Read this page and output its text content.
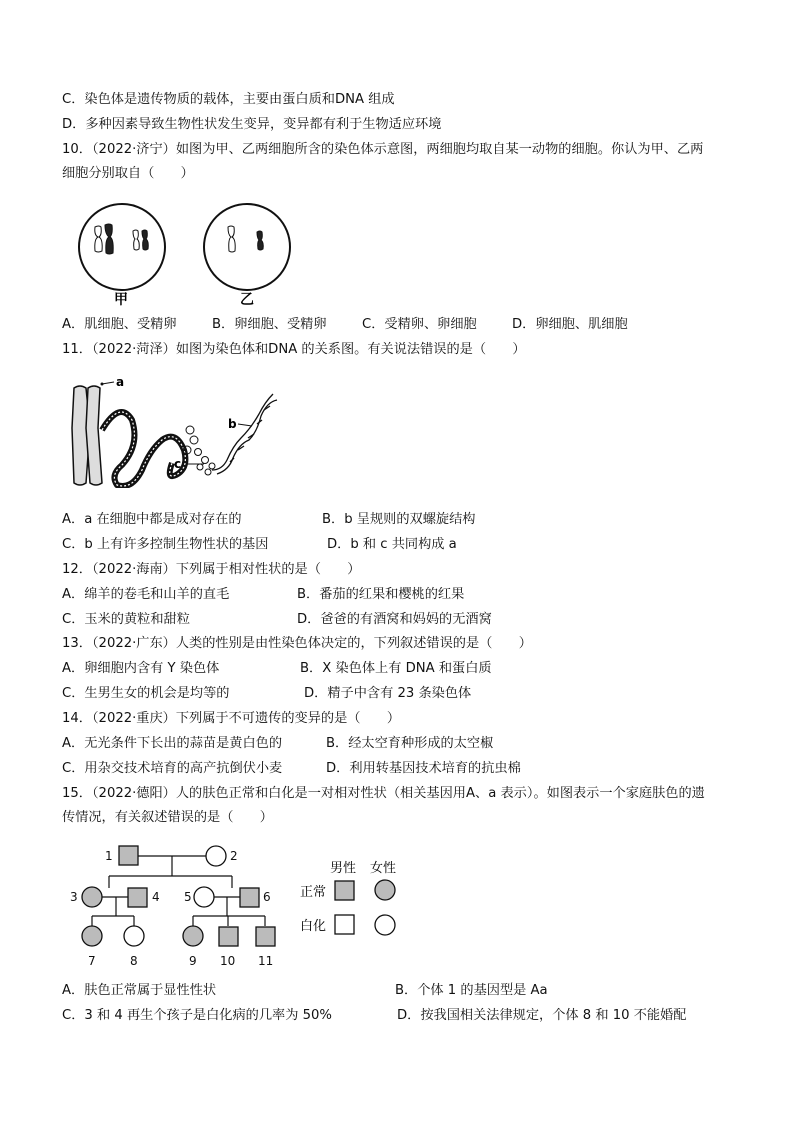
C．染色体是遗传物质的载体，主要由蛋白质和DNA 组成
D．多种因素导致生物性状发生变异，变异都有利于生物适应环境
10．（2022·济宁）如图为甲、乙两细胞所含的染色体示意图，两细胞均取自某一动物的细胞。你认为甲、乙两
细胞分别取自（　　）
甲	乙
A．肌细胞、受精卵	B．卵细胞、受精卵	C．受精卵、卵细胞	D．卵细胞、肌细胞
11．（2022·菏泽）如图为染色体和DNA 的关系图。有关说法错误的是（　　）
a
c
b
A．a 在细胞中都是成对存在的	B．b 呈规则的双螺旋结构
C．b 上有许多控制生物性状的基因	D．b 和 c 共同构成 a
12．（2022·海南）下列属于相对性状的是（　　）
A．绵羊的卷毛和山羊的直毛	B．番茄的红果和樱桃的红果
C．玉米的黄粒和甜粒	D．爸爸的有酒窝和妈妈的无酒窝
13．（2022·广东）人类的性别是由性染色体决定的，下列叙述错误的是（　　）
A．卵细胞内含有 Y 染色体	B．X 染色体上有 DNA 和蛋白质
C．生男生女的机会是均等的	D．精子中含有 23 条染色体
14．（2022·重庆）下列属于不可遗传的变异的是（　　）
A．无光条件下长出的蒜苗是黄白色的	B．经太空育种形成的太空椒
C．用杂交技术培育的高产抗倒伏小麦	D．利用转基因技术培育的抗虫棉
15．（2022·德阳）人的肤色正常和白化是一对相对性状（相关基因用A、a 表示）。如图表示一个家庭肤色的遗
传情况，有关叙述错误的是（　　）
1	2
3	4 5	6
7	8	9 10 11
男性 女性
正常
白化
A．肤色正常属于显性性状	B．个体 1 的基因型是 Aa
C．3 和 4 再生个孩子是白化病的几率为 50%	D．按我国相关法律规定，个体 8 和 10 不能婚配
